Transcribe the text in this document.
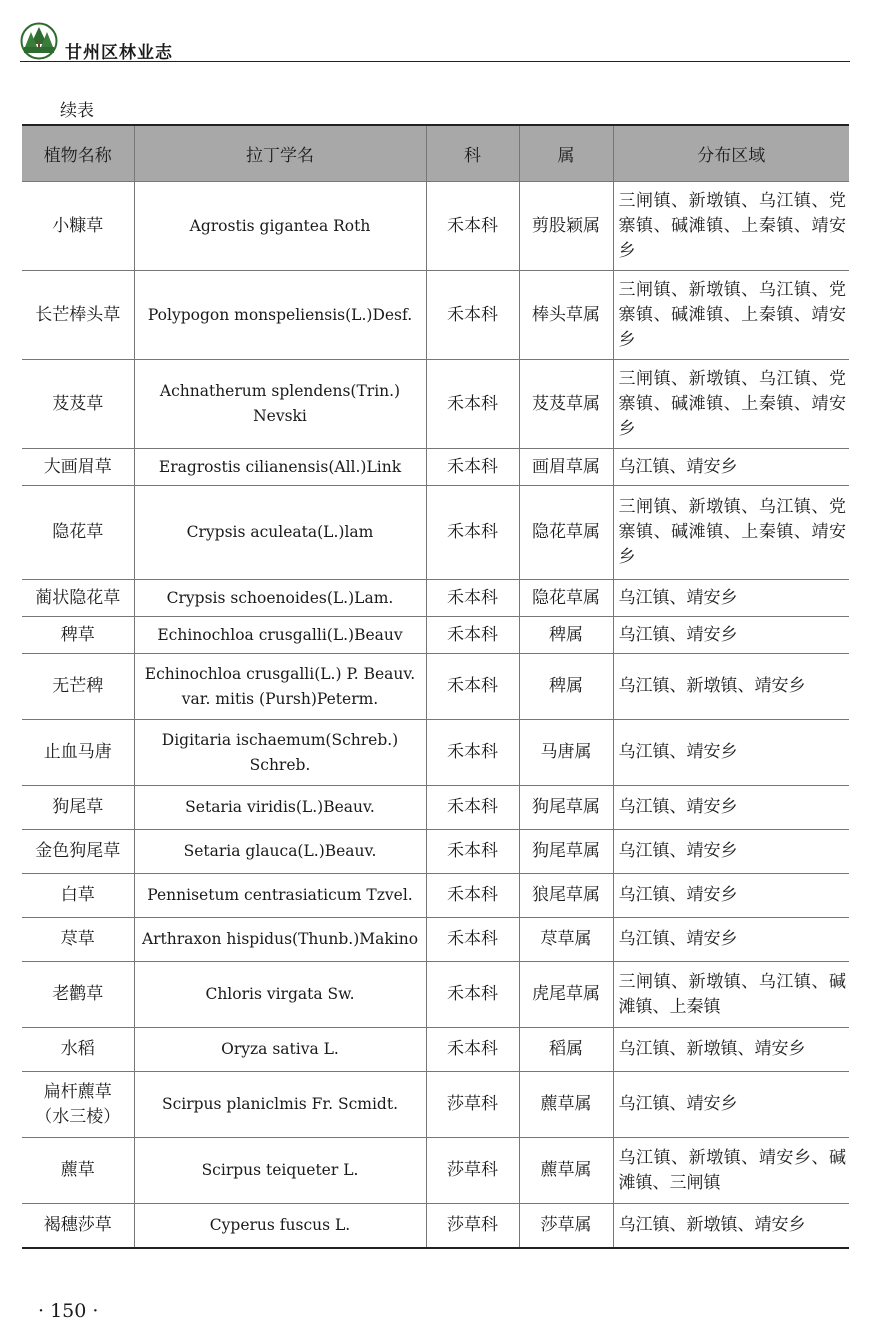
甘州区林业志
续表
植物名称	拉丁学名	科	属	分布区域
小糠草	Agrostis gigantea Roth	禾本科	剪股颖属	三闸镇、新墩镇、乌江镇、党寨镇、碱滩镇、上秦镇、靖安乡
长芒棒头草	Polypogon monspeliensis(L.)Desf.	禾本科	棒头草属	三闸镇、新墩镇、乌江镇、党寨镇、碱滩镇、上秦镇、靖安乡
芨芨草	Achnatherum splendens(Trin.) Nevski	禾本科	芨芨草属	三闸镇、新墩镇、乌江镇、党寨镇、碱滩镇、上秦镇、靖安乡
大画眉草	Eragrostis cilianensis(All.)Link	禾本科	画眉草属	乌江镇、靖安乡
隐花草	Crypsis aculeata(L.)lam	禾本科	隐花草属	三闸镇、新墩镇、乌江镇、党寨镇、碱滩镇、上秦镇、靖安乡
蔺状隐花草	Crypsis schoenoides(L.)Lam.	禾本科	隐花草属	乌江镇、靖安乡
稗草	Echinochloa crusgalli(L.)Beauv	禾本科	稗属	乌江镇、靖安乡
无芒稗	Echinochloa crusgalli(L.) P. Beauv. var. mitis (Pursh)Peterm.	禾本科	稗属	乌江镇、新墩镇、靖安乡
止血马唐	Digitaria ischaemum(Schreb.) Schreb.	禾本科	马唐属	乌江镇、靖安乡
狗尾草	Setaria viridis(L.)Beauv.	禾本科	狗尾草属	乌江镇、靖安乡
金色狗尾草	Setaria glauca(L.)Beauv.	禾本科	狗尾草属	乌江镇、靖安乡
白草	Pennisetum centrasiaticum Tzvel.	禾本科	狼尾草属	乌江镇、靖安乡
荩草	Arthraxon hispidus(Thunb.)Makino	禾本科	荩草属	乌江镇、靖安乡
老鹳草	Chloris virgata Sw.	禾本科	虎尾草属	三闸镇、新墩镇、乌江镇、碱滩镇、上秦镇
水稻	Oryza sativa L.	禾本科	稻属	乌江镇、新墩镇、靖安乡
扁杆藨草（水三棱）	Scirpus planiclmis Fr. Scmidt.	莎草科	藨草属	乌江镇、靖安乡
藨草	Scirpus teiqueter L.	莎草科	藨草属	乌江镇、新墩镇、靖安乡、碱滩镇、三闸镇
褐穗莎草	Cyperus fuscus L.	莎草科	莎草属	乌江镇、新墩镇、靖安乡
· 150 ·
